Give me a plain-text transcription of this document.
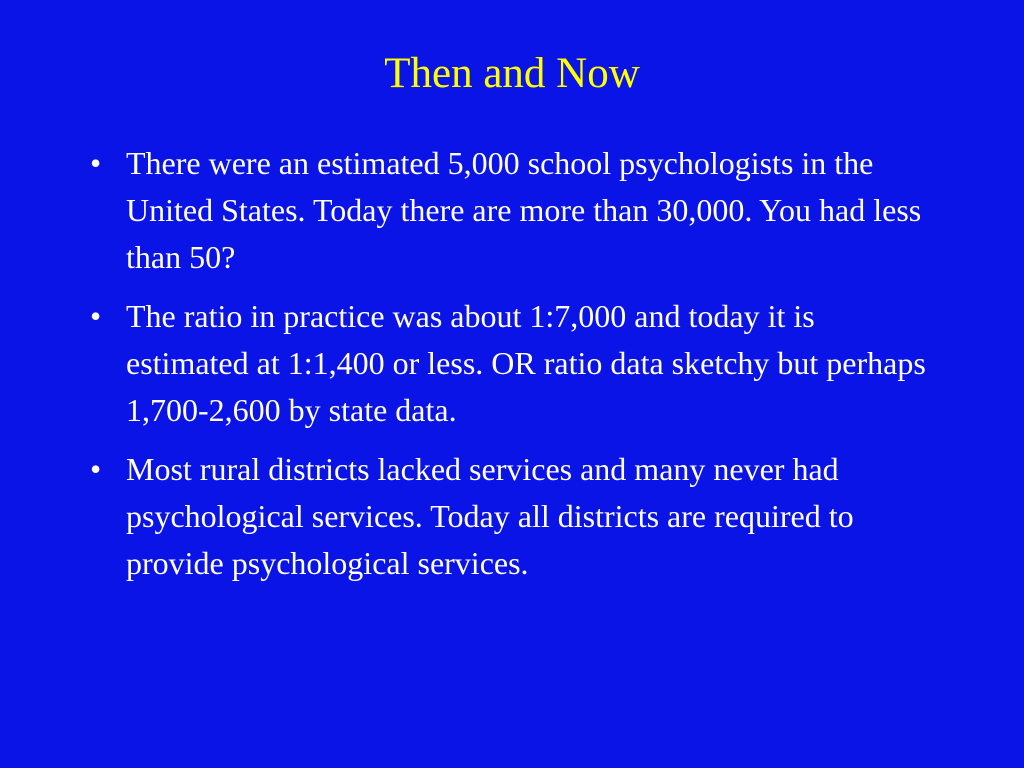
Then and Now
• There were an estimated 5,000 school psychologists in the United States. Today there are more than 30,000. You had less than 50?
• The ratio in practice was about 1:7,000 and today it is estimated at 1:1,400 or less. OR ratio data sketchy but perhaps 1,700-2,600 by state data.
• Most rural districts lacked services and many never had psychological services. Today all districts are required to provide psychological services.
